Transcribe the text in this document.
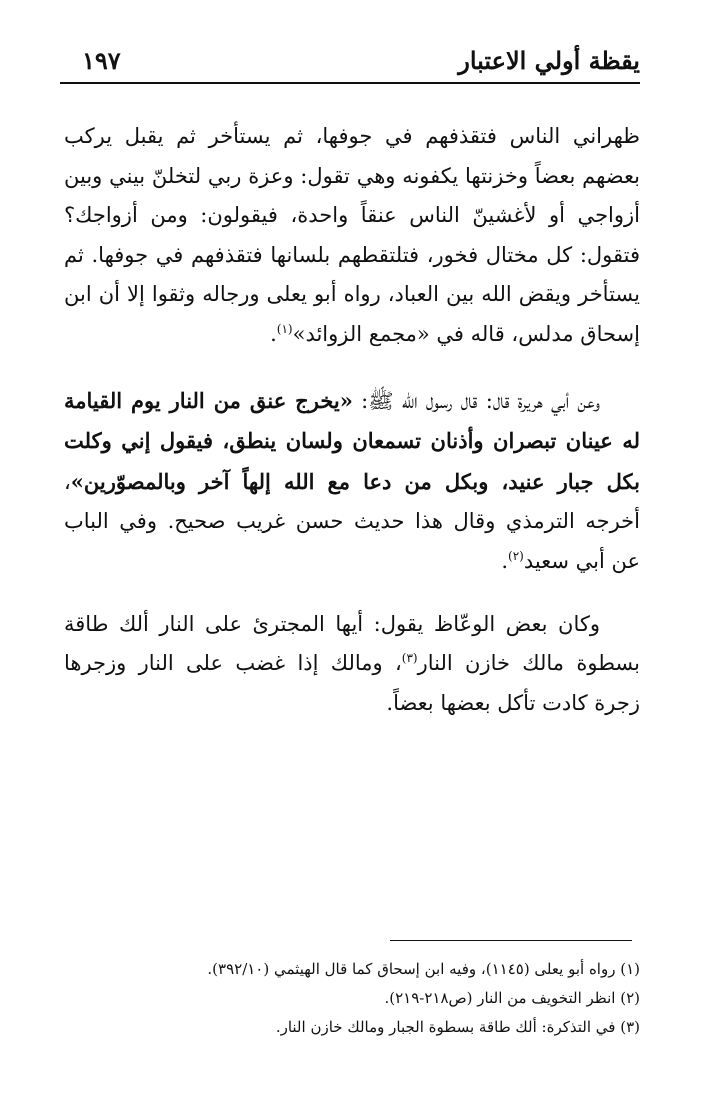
يقظة أولي الاعتبار
١٩٧

ظهراني الناس فتقذفهم في جوفها، ثم يستأخر ثم يقبل يركب بعضهم بعضاً وخزنتها يكفونه وهي تقول: وعزة ربي لتخلنّ بيني وبين أزواجي أو لأغشينّ الناس عنقاً واحدة، فيقولون: ومن أزواجك؟ فتقول: كل مختال فخور، فتلتقطهم بلسانها فتقذفهم في جوفها. ثم يستأخر ويقض الله بين العباد، رواه أبو يعلى ورجاله وثقوا إلا أن ابن إسحاق مدلس، قاله في «مجمع الزوائد»$^{(١)}$.

وعن أبي هريرة قال: قال رسول الله ﷺ: «يخرج عنق من النار يوم القيامة له عينان تبصران وأذنان تسمعان ولسان ينطق، فيقول إني وكلت بكل جبار عنيد، وبكل من دعا مع الله إلهاً آخر وبالمصوّرين»، أخرجه الترمذي وقال هذا حديث حسن غريب صحيح. وفي الباب عن أبي سعيد$^{(٢)}$.

وكان بعض الوعّاظ يقول: أيها المجترئ على النار ألك طاقة بسطوة مالك خازن النار$^{(٣)}$، ومالك إذا غضب على النار وزجرها زجرة كادت تأكل بعضها بعضاً.

(١) رواه أبو يعلى (١١٤٥)، وفيه ابن إسحاق كما قال الهيثمي (٣٩٢/١٠).

(٢) انظر التخويف من النار (ص٢١٨-٢١٩).

(٣) في التذكرة: ألك طاقة بسطوة الجبار ومالك خازن النار.
